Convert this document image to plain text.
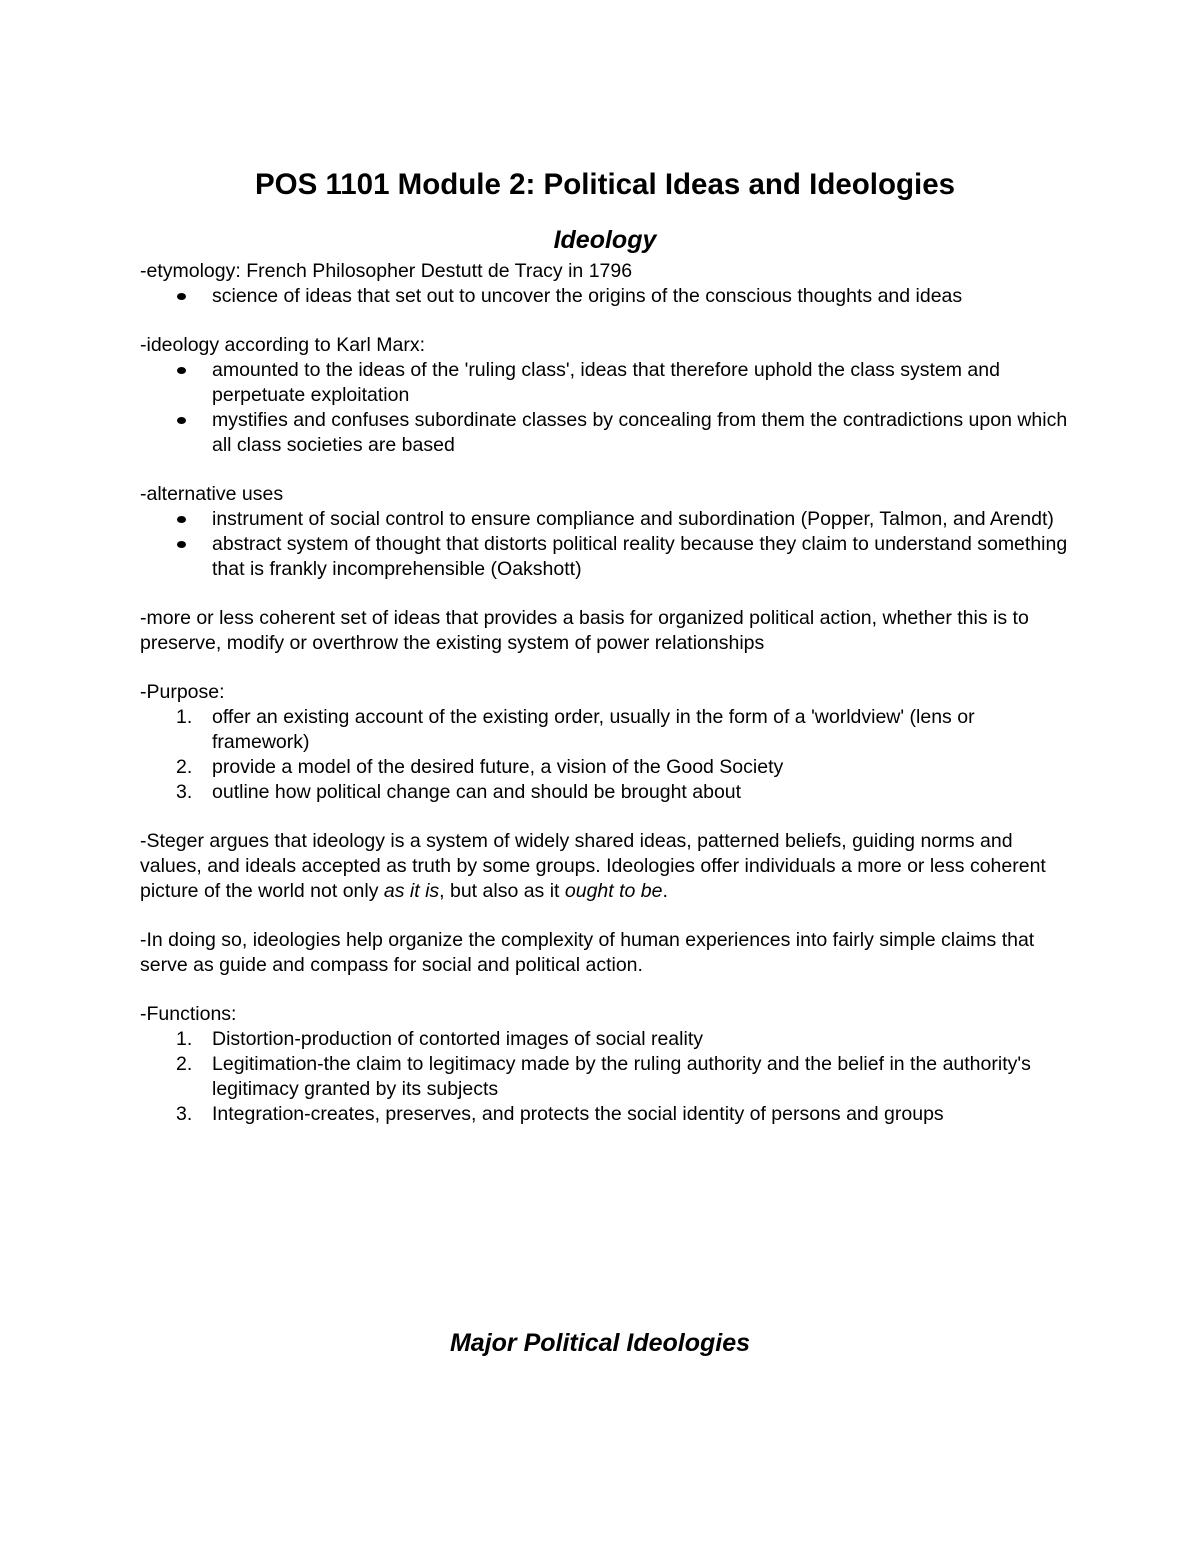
POS 1101 Module 2: Political Ideas and Ideologies
Ideology

-etymology: French Philosopher Destutt de Tracy in 1796

science of ideas that set out to uncover the origins of the conscious thoughts and ideas

-ideology according to Karl Marx:

amounted to the ideas of the 'ruling class', ideas that therefore uphold the class system and perpetuate exploitation
mystifies and confuses subordinate classes by concealing from them the contradictions upon which all class societies are based

-alternative uses

instrument of social control to ensure compliance and subordination (Popper, Talmon, and Arendt)
abstract system of thought that distorts political reality because they claim to understand something that is frankly incomprehensible (Oakshott)

-more or less coherent set of ideas that provides a basis for organized political action, whether this is to preserve, modify or overthrow the existing system of power relationships

-Purpose:

1. offer an existing account of the existing order, usually in the form of a 'worldview' (lens or framework)
2. provide a model of the desired future, a vision of the Good Society
3. outline how political change can and should be brought about

-Steger argues that ideology is a system of widely shared ideas, patterned beliefs, guiding norms and values, and ideals accepted as truth by some groups. Ideologies offer individuals a more or less coherent picture of the world not only as it is, but also as it ought to be.

-In doing so, ideologies help organize the complexity of human experiences into fairly simple claims that serve as guide and compass for social and political action.

-Functions:

1. Distortion-production of contorted images of social reality
2. Legitimation-the claim to legitimacy made by the ruling authority and the belief in the authority's legitimacy granted by its subjects
3. Integration-creates, preserves, and protects the social identity of persons and groups
Major Political Ideologies
